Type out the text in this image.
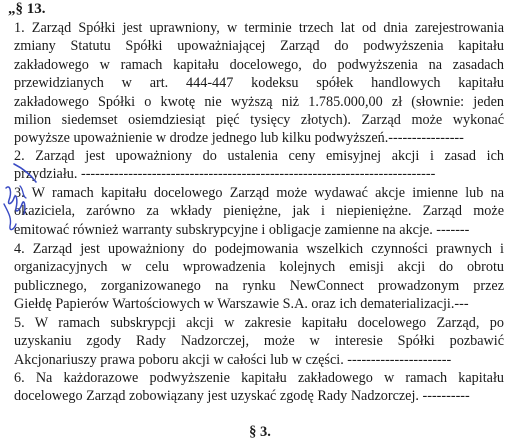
„§ 13.
1. Zarząd Spółki jest uprawniony, w terminie trzech lat od dnia zarejestrowania
zmiany Statutu Spółki upoważniającej Zarząd do podwyższenia kapitału
zakładowego w ramach kapitału docelowego, do podwyższenia na zasadach
przewidzianych w art. 444-447 kodeksu spółek handlowych kapitału
zakładowego Spółki o kwotę nie wyższą niż 1.785.000,00 zł (słownie: jeden
milion siedemset osiemdziesiąt pięć tysięcy złotych). Zarząd może wykonać
powyższe upoważnienie w drodze jednego lub kilku podwyższeń.----------------
2. Zarząd jest upoważniony do ustalenia ceny emisyjnej akcji i zasad ich
przydziału. ---------------------------------------------------------------------------
3. W ramach kapitału docelowego Zarząd może wydawać akcje imienne lub na
okaziciela, zarówno za wkłady pieniężne, jak i niepieniężne. Zarząd może
emitować również warranty subskrypcyjne i obligacje zamienne na akcje. -------
4. Zarząd jest upoważniony do podejmowania wszelkich czynności prawnych i
organizacyjnych w celu wprowadzenia kolejnych emisji akcji do obrotu
publicznego, zorganizowanego na rynku NewConnect prowadzonym przez
Giełdę Papierów Wartościowych w Warszawie S.A. oraz ich dematerializacji.---
5. W ramach subskrypcji akcji w zakresie kapitału docelowego Zarząd, po
uzyskaniu zgody Rady Nadzorczej, może w interesie Spółki pozbawić
Akcjonariuszy prawa poboru akcji w całości lub w części. ----------------------
6. Na każdorazowe podwyższenie kapitału zakładowego w ramach kapitału
docelowego Zarząd zobowiązany jest uzyskać zgodę Rady Nadzorczej. ----------
§ 3.
